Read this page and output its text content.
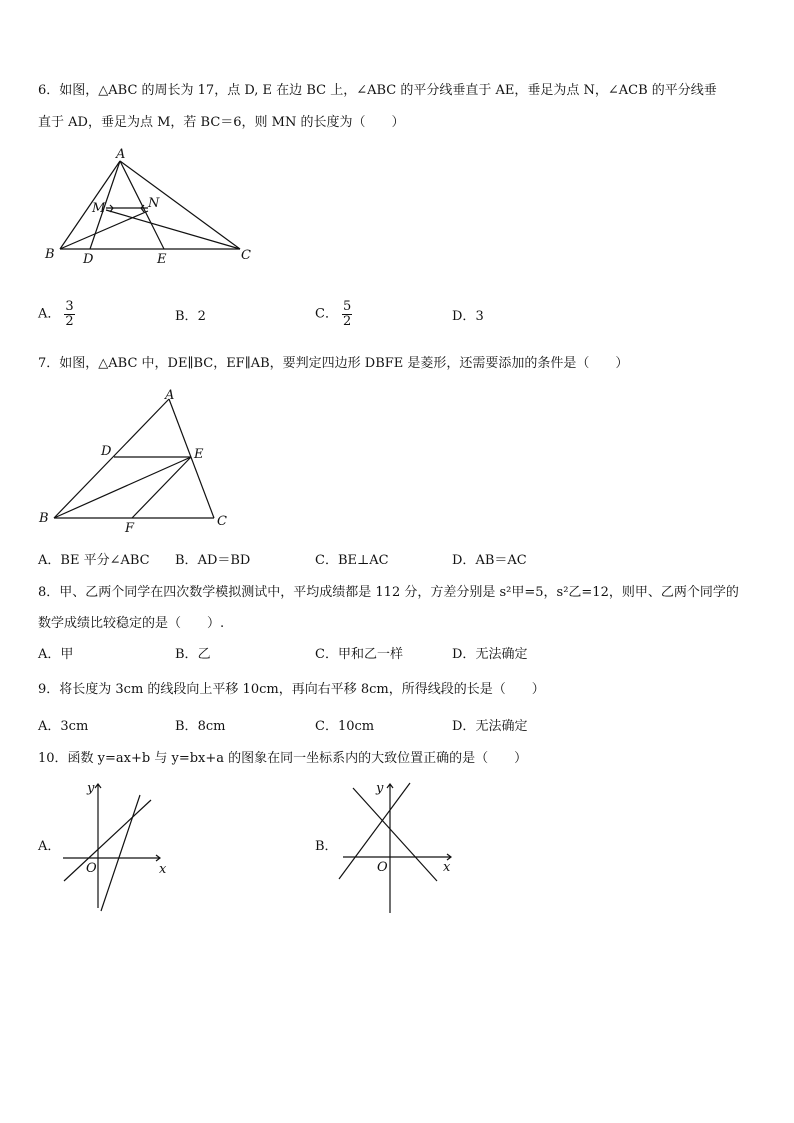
6．如图，△ABC 的周长为 17，点 D, E 在边 BC 上，∠ABC 的平分线垂直于 AE，垂足为点 N，∠ACB 的平分线垂
直于 AD，垂足为点 M，若 BC＝6，则 MN 的长度为（　　）
A
M	N
B D	E	C
A． $\frac{3}{2}$	B．2	C． $\frac{5}{2}$	D．3
7．如图，△ABC 中，DE∥BC，EF∥AB，要判定四边形 DBFE 是菱形，还需要添加的条件是（　　）
A
D	E
B
F	C
A．BE 平分∠ABC B．AD＝BD	C．BE⊥AC	D．AB＝AC
8．甲、乙两个同学在四次数学模拟测试中，平均成绩都是 112 分，方差分别是 s²甲=5，s²乙=12，则甲、乙两个同学的
数学成绩比较稳定的是（　　）.
A．甲	B．乙	C．甲和乙一样	D．无法确定
9．将长度为 3cm 的线段向上平移 10cm，再向右平移 8cm，所得线段的长是（　　）
A．3cm	B．8cm	C．10cm	D．无法确定
10．函数 y=ax+b 与 y=bx+a 的图象在同一坐标系内的大致位置正确的是（　　）
A．
y
x
O
B．
y
x
O
